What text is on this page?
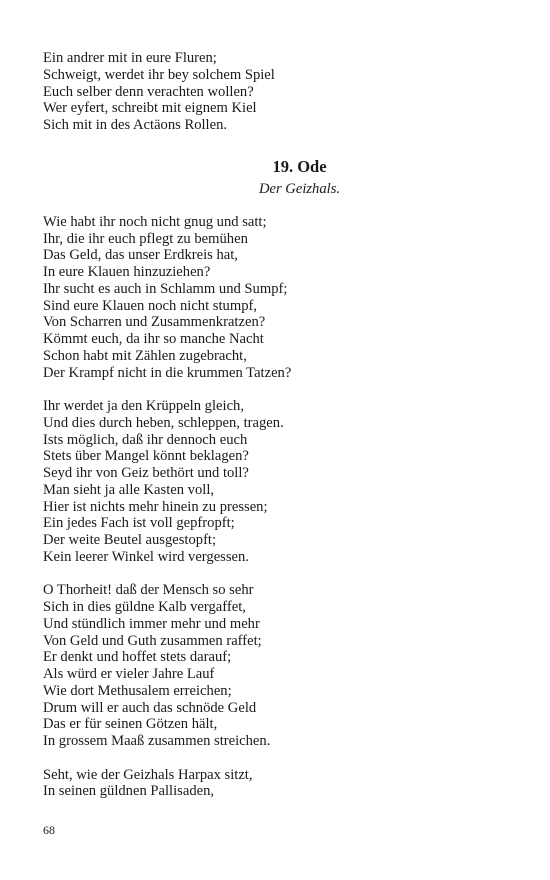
Ein andrer mit in eure Fluren;
Schweigt, werdet ihr bey solchem Spiel
Euch selber denn verachten wollen?
Wer eyfert, schreibt mit eignem Kiel
Sich mit in des Actäons Rollen.
19. Ode

Der Geizhals.

Wie habt ihr noch nicht gnug und satt;
Ihr, die ihr euch pflegt zu bemühen
Das Geld, das unser Erdkreis hat,
In eure Klauen hinzuziehen?
Ihr sucht es auch in Schlamm und Sumpf;
Sind eure Klauen noch nicht stumpf,
Von Scharren und Zusammenkratzen?
Kömmt euch, da ihr so manche Nacht
Schon habt mit Zählen zugebracht,
Der Krampf nicht in die krummen Tatzen?
Ihr werdet ja den Krüppeln gleich,
Und dies durch heben, schleppen, tragen.
Ists möglich, daß ihr dennoch euch
Stets über Mangel könnt beklagen?
Seyd ihr von Geiz bethört und toll?
Man sieht ja alle Kasten voll,
Hier ist nichts mehr hinein zu pressen;
Ein jedes Fach ist voll gepfropft;
Der weite Beutel ausgestopft;
Kein leerer Winkel wird vergessen.
O Thorheit! daß der Mensch so sehr
Sich in dies güldne Kalb vergaffet,
Und stündlich immer mehr und mehr
Von Geld und Guth zusammen raffet;
Er denkt und hoffet stets darauf;
Als würd er vieler Jahre Lauf
Wie dort Methusalem erreichen;
Drum will er auch das schnöde Geld
Das er für seinen Götzen hält,
In grossem Maaß zusammen streichen.
Seht, wie der Geizhals Harpax sitzt,
In seinen güldnen Pallisaden,
68
